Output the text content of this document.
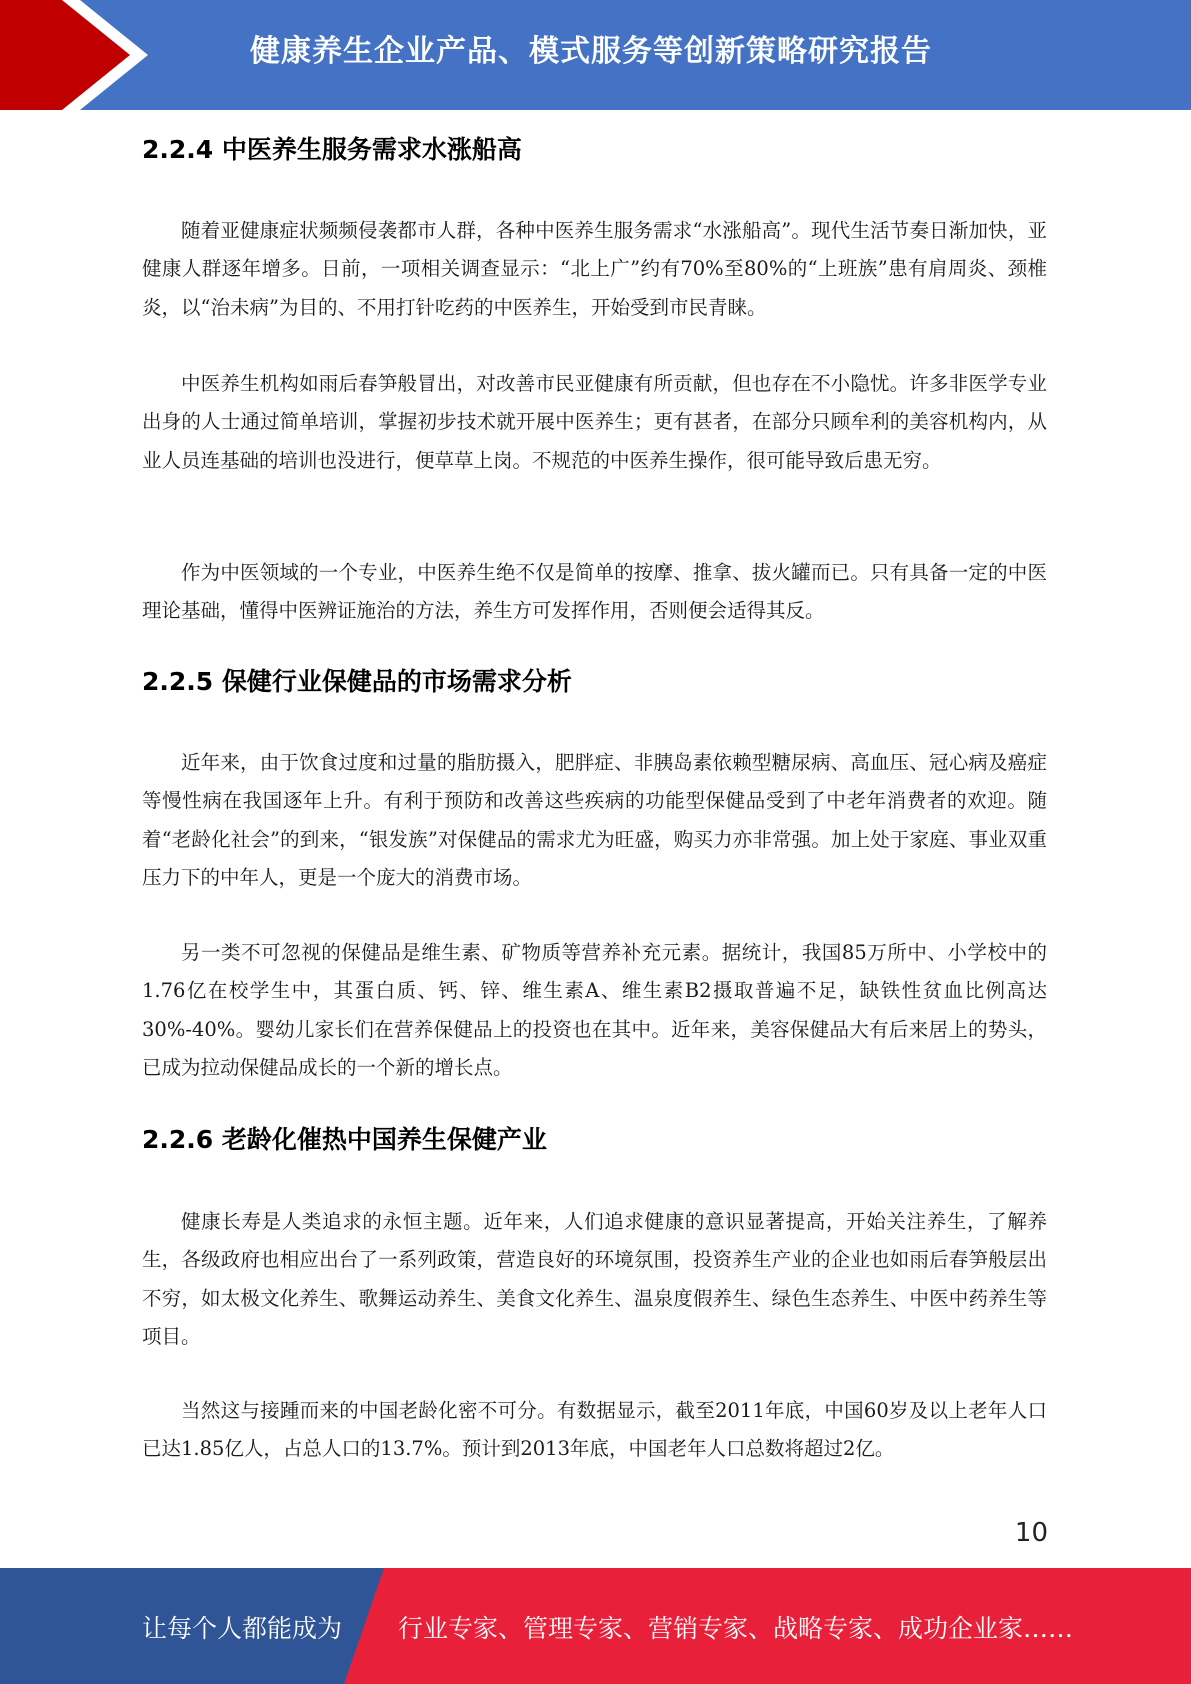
健康养生企业产品、模式服务等创新策略研究报告
2.2.4 中医养生服务需求水涨船高

随着亚健康症状频频侵袭都市人群，各种中医养生服务需求“水涨船高”。现代生活节奏日渐加快，亚健康人群逐年增多。日前，一项相关调查显示：“北上广”约有70%至80%的“上班族”患有肩周炎、颈椎炎，以“治未病”为目的、不用打针吃药的中医养生，开始受到市民青睐。

中医养生机构如雨后春笋般冒出，对改善市民亚健康有所贡献，但也存在不小隐忧。许多非医学专业出身的人士通过简单培训，掌握初步技术就开展中医养生；更有甚者，在部分只顾牟利的美容机构内，从业人员连基础的培训也没进行，便草草上岗。不规范的中医养生操作，很可能导致后患无穷。

作为中医领域的一个专业，中医养生绝不仅是简单的按摩、推拿、拔火罐而已。只有具备一定的中医理论基础，懂得中医辨证施治的方法，养生方可发挥作用，否则便会适得其反。

2.2.5 保健行业保健品的市场需求分析

近年来，由于饮食过度和过量的脂肪摄入，肥胖症、非胰岛素依赖型糖尿病、高血压、冠心病及癌症等慢性病在我国逐年上升。有利于预防和改善这些疾病的功能型保健品受到了中老年消费者的欢迎。随着“老龄化社会”的到来，“银发族”对保健品的需求尤为旺盛，购买力亦非常强。加上处于家庭、事业双重压力下的中年人，更是一个庞大的消费市场。

另一类不可忽视的保健品是维生素、矿物质等营养补充元素。据统计，我国85万所中、小学校中的1.76亿在校学生中，其蛋白质、钙、锌、维生素A、维生素B2摄取普遍不足，缺铁性贫血比例高达30%-40%。婴幼儿家长们在营养保健品上的投资也在其中。近年来，美容保健品大有后来居上的势头，已成为拉动保健品成长的一个新的增长点。

2.2.6 老龄化催热中国养生保健产业

健康长寿是人类追求的永恒主题。近年来，人们追求健康的意识显著提高，开始关注养生，了解养生，各级政府也相应出台了一系列政策，营造良好的环境氛围，投资养生产业的企业也如雨后春笋般层出不穷，如太极文化养生、歌舞运动养生、美食文化养生、温泉度假养生、绿色生态养生、中医中药养生等项目。

当然这与接踵而来的中国老龄化密不可分。有数据显示，截至2011年底，中国60岁及以上老年人口已达1.85亿人，占总人口的13.7%。预计到2013年底，中国老年人口总数将超过2亿。

10
让每个人都能成为 行业专家、管理专家、营销专家、战略专家、成功企业家……
